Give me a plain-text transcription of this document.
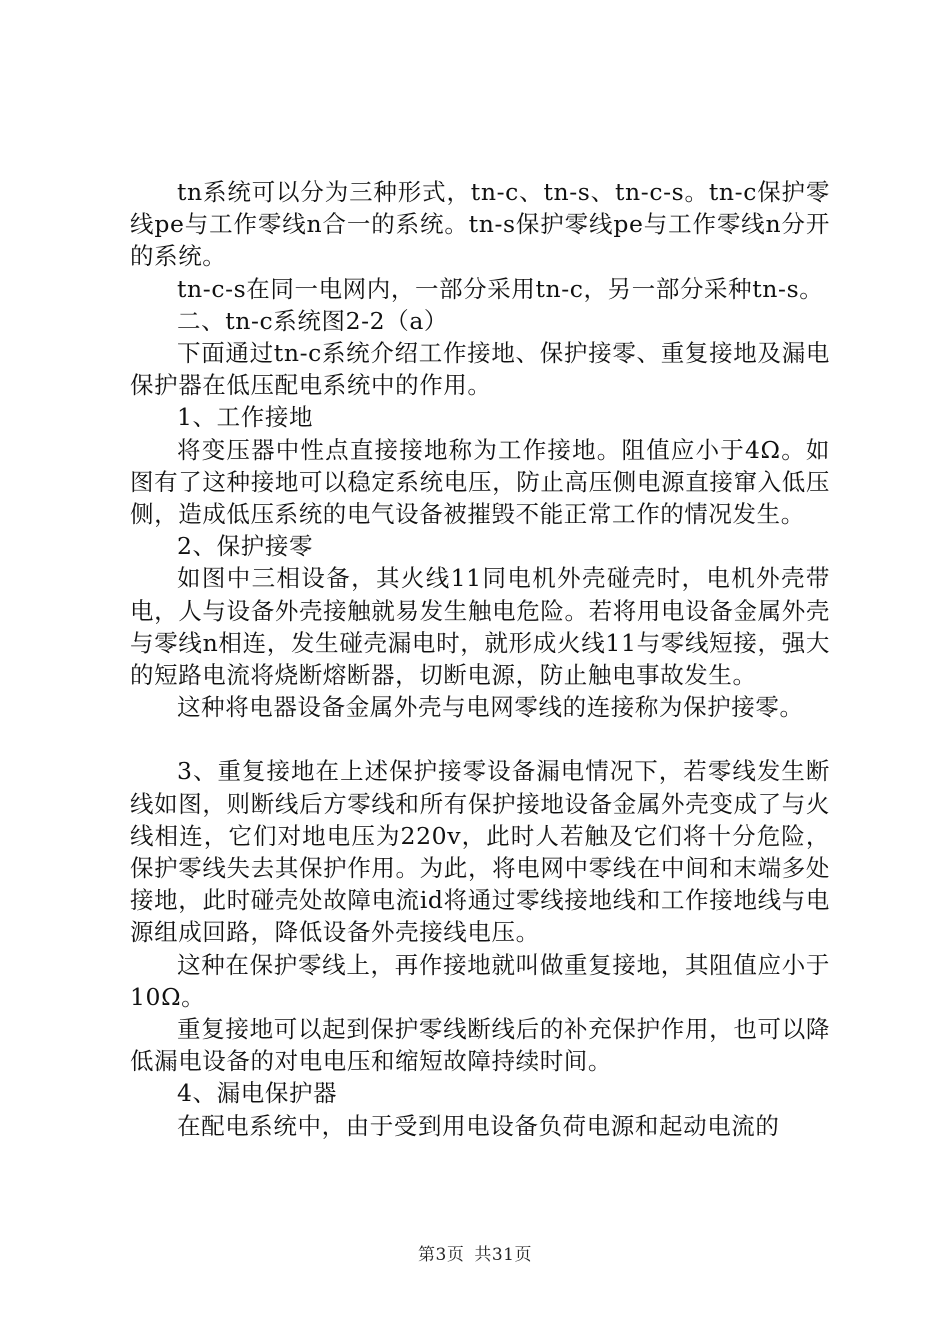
tn系统可以分为三种形式，tn-c、tn-s、tn-c-s。tn-c保护零线pe与工作零线n合一的系统。tn-s保护零线pe与工作零线n分开的系统。

tn-c-s在同一电网内，一部分采用tn-c，另一部分采种tn-s。

二、tn-c系统图2-2（a）

下面通过tn-c系统介绍工作接地、保护接零、重复接地及漏电保护器在低压配电系统中的作用。

1、工作接地

将变压器中性点直接接地称为工作接地。阻值应小于4Ω。如图有了这种接地可以稳定系统电压，防止高压侧电源直接窜入低压侧，造成低压系统的电气设备被摧毁不能正常工作的情况发生。

2、保护接零

如图中三相设备，其火线11同电机外壳碰壳时，电机外壳带电，人与设备外壳接触就易发生触电危险。若将用电设备金属外壳与零线n相连，发生碰壳漏电时，就形成火线11与零线短接，强大的短路电流将烧断熔断器，切断电源，防止触电事故发生。

这种将电器设备金属外壳与电网零线的连接称为保护接零。

3、重复接地在上述保护接零设备漏电情况下，若零线发生断线如图，则断线后方零线和所有保护接地设备金属外壳变成了与火线相连，它们对地电压为220v，此时人若触及它们将十分危险，保护零线失去其保护作用。为此，将电网中零线在中间和末端多处接地，此时碰壳处故障电流id将通过零线接地线和工作接地线与电源组成回路，降低设备外壳接线电压。

这种在保护零线上，再作接地就叫做重复接地，其阻值应小于10Ω。

重复接地可以起到保护零线断线后的补充保护作用，也可以降低漏电设备的对电电压和缩短故障持续时间。

4、漏电保护器

在配电系统中，由于受到用电设备负荷电源和起动电流的

第3页 共31页
